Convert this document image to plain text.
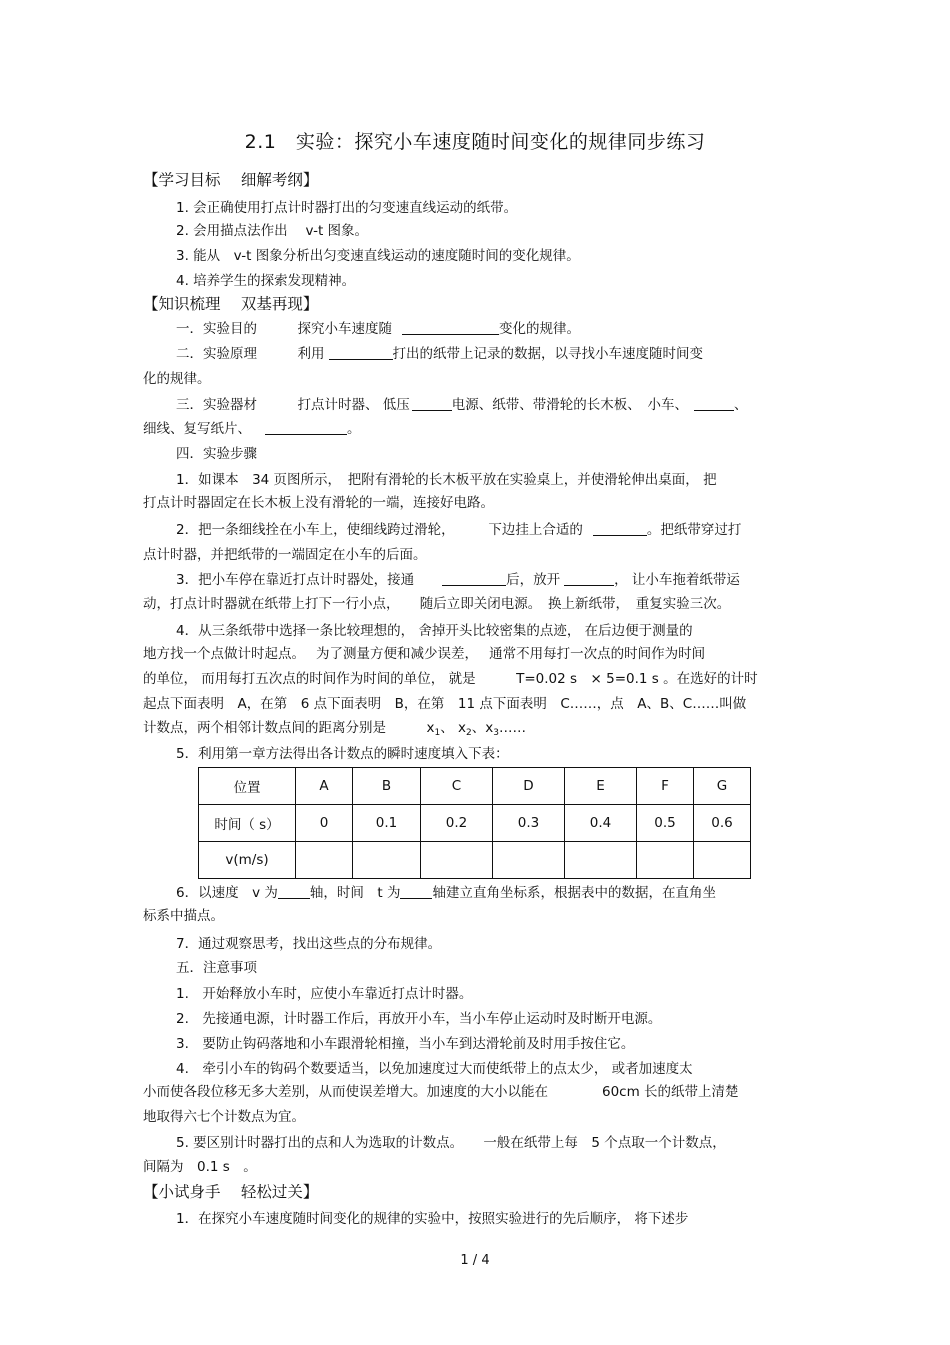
2.1　实验：探究小车速度随时间变化的规律同步练习
【学习目标　 细解考纲】
1. 会正确使用打点计时器打出的匀变速直线运动的纸带。
2. 会用描点法作出　 v-t 图象。
3. 能从　v-t 图象分析出匀变速直线运动的速度随时间的变化规律。
4. 培养学生的探索发现精神。
【知识梳理　 双基再现】
一．实验目的　　　探究小车速度随	变化的规律。
二．实验原理　　　利用	打出的纸带上记录的数据，以寻找小车速度随时间变
化的规律。
三．实验器材　　　打点计时器、 低压	电源、纸带、带滑轮的长木板、　小车、	、
细线、复写纸片、	。
四．实验步骤
1．如课本　34 页图所示，　把附有滑轮的长木板平放在实验桌上，并使滑轮伸出桌面， 把
打点计时器固定在长木板上没有滑轮的一端，连接好电路。
2．把一条细线拴在小车上，使细线跨过滑轮，　　　下边挂上合适的	。把纸带穿过打
点计时器，并把纸带的一端固定在小车的后面。
3．把小车停在靠近打点计时器处，接通	后，放开	， 让小车拖着纸带运
动，打点计时器就在纸带上打下一行小点，　　随后立即关闭电源。　换上新纸带，　重复实验三次。
4．从三条纸带中选择一条比较理想的， 舍掉开头比较密集的点迹， 在后边便于测量的
地方找一个点做计时起点。　 为了测量方便和减少误差，　 通常不用每打一次点的时间作为时间
的单位， 而用每打五次点的时间作为时间的单位， 就是　　　T=0.02 s　× 5=0.1 s 。在选好的计时
起点下面表明　A，在第　6 点下面表明　B，在第　11 点下面表明　C……，点　A、B、C……叫做
计数点，两个相邻计数点间的距离分别是　　　$x_1$、 $x_2$、$x_3\dots\dots$
5．利用第一章方法得出各计数点的瞬时速度填入下表：
位置	A	B	C	D	E	F	G
时间（ s）	0	0.1	0.2	0.3	0.4	0.5	0.6
v(m/s)							
6．以速度　v 为 轴，时间　t 为 轴建立直角坐标系，根据表中的数据，在直角坐
标系中描点。
7．通过观察思考，找出这些点的分布规律。
五．注意事项
1.　开始释放小车时，应使小车靠近打点计时器。
2.　先接通电源，计时器工作后，再放开小车，当小车停止运动时及时断开电源。
3.　要防止钩码落地和小车跟滑轮相撞，当小车到达滑轮前及时用手按住它。
4.　牵引小车的钩码个数要适当，以免加速度过大而使纸带上的点太少， 或者加速度太
小而使各段位移无多大差别，从而使误差增大。加速度的大小以能在　　　　60cm 长的纸带上清楚
地取得六七个计数点为宜。
5. 要区别计时器打出的点和人为选取的计数点。　　一般在纸带上每　5 个点取一个计数点，
间隔为　0.1 s　。
【小试身手　 轻松过关】
1．在探究小车速度随时间变化的规律的实验中，按照实验进行的先后顺序， 将下述步
1 / 4
